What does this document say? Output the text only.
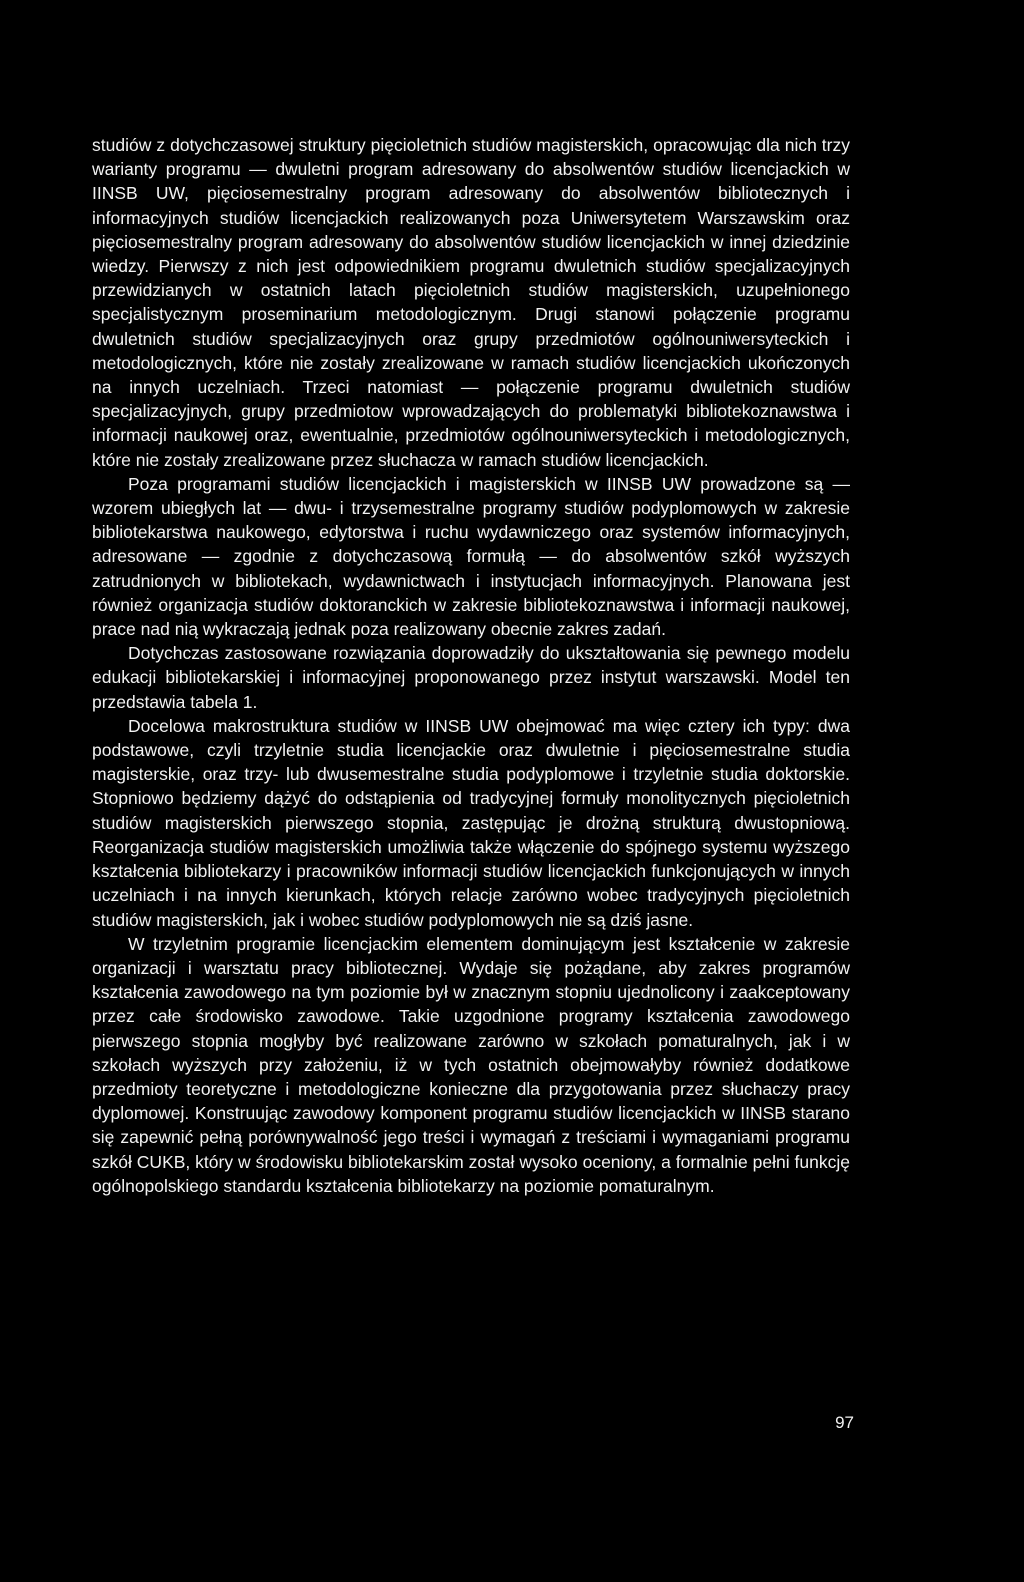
studiów z dotychczasowej struktury pięcioletnich studiów magisterskich, opracowując dla nich trzy warianty programu — dwuletni program adresowany do absolwentów studiów licencjackich w IINSB UW, pięciosemestralny program adresowany do absolwentów bibliotecznych i informacyjnych studiów licencjackich realizowanych poza Uniwersytetem Warszawskim oraz pięciosemestralny program adresowany do absolwentów studiów licencjackich w innej dziedzinie wiedzy. Pierwszy z nich jest odpowiednikiem programu dwuletnich studiów specjalizacyjnych przewidzianych w ostatnich latach pięcioletnich studiów magisterskich, uzupełnionego specjalistycznym proseminarium metodologicznym. Drugi stanowi połączenie programu dwuletnich studiów specjalizacyjnych oraz grupy przedmiotów ogólnouniwersyteckich i metodologicznych, które nie zostały zrealizowane w ramach studiów licencjackich ukończonych na innych uczelniach. Trzeci natomiast — połączenie programu dwuletnich studiów specjalizacyjnych, grupy przedmiotow wprowadzających do problematyki bibliotekoznawstwa i informacji naukowej oraz, ewentualnie, przedmiotów ogólnouniwersyteckich i metodologicznych, które nie zostały zrealizowane przez słuchacza w ramach studiów licencjackich.

Poza programami studiów licencjackich i magisterskich w IINSB UW prowadzone są — wzorem ubiegłych lat — dwu- i trzysemestralne programy studiów podyplomowych w zakresie bibliotekarstwa naukowego, edytorstwa i ruchu wydawniczego oraz systemów informacyjnych, adresowane — zgodnie z dotychczasową formułą — do absolwentów szkół wyższych zatrudnionych w bibliotekach, wydawnictwach i instytucjach informacyjnych. Planowana jest również organizacja studiów doktoranckich w zakresie bibliotekoznawstwa i informacji naukowej, prace nad nią wykraczają jednak poza realizowany obecnie zakres zadań.

Dotychczas zastosowane rozwiązania doprowadziły do ukształtowania się pewnego modelu edukacji bibliotekarskiej i informacyjnej proponowanego przez instytut warszawski. Model ten przedstawia tabela 1.

Docelowa makrostruktura studiów w IINSB UW obejmować ma więc cztery ich typy: dwa podstawowe, czyli trzyletnie studia licencjackie oraz dwuletnie i pięciosemestralne studia magisterskie, oraz trzy- lub dwusemestralne studia podyplomowe i trzyletnie studia doktorskie. Stopniowo będziemy dążyć do odstąpienia od tradycyjnej formuły monolitycznych pięcioletnich studiów magisterskich pierwszego stopnia, zastępując je drożną strukturą dwustopniową. Reorganizacja studiów magisterskich umożliwia także włączenie do spójnego systemu wyższego kształcenia bibliotekarzy i pracowników informacji studiów licencjackich funkcjonujących w innych uczelniach i na innych kierunkach, których relacje zarówno wobec tradycyjnych pięcioletnich studiów magisterskich, jak i wobec studiów podyplomowych nie są dziś jasne.

W trzyletnim programie licencjackim elementem dominującym jest kształcenie w zakresie organizacji i warsztatu pracy bibliotecznej. Wydaje się pożądane, aby zakres programów kształcenia zawodowego na tym poziomie był w znacznym stopniu ujednolicony i zaakceptowany przez całe środowisko zawodowe. Takie uzgodnione programy kształcenia zawodowego pierwszego stopnia mogłyby być realizowane zarówno w szkołach pomaturalnych, jak i w szkołach wyższych przy założeniu, iż w tych ostatnich obejmowałyby również dodatkowe przedmioty teoretyczne i metodologiczne konieczne dla przygotowania przez słuchaczy pracy dyplomowej. Konstruując zawodowy komponent programu studiów licencjackich w IINSB starano się zapewnić pełną porównywalność jego treści i wymagań z treściami i wymaganiami programu szkół CUKB, który w środowisku bibliotekarskim został wysoko oceniony, a formalnie pełni funkcję ogólnopolskiego standardu kształcenia bibliotekarzy na poziomie pomaturalnym.

97
